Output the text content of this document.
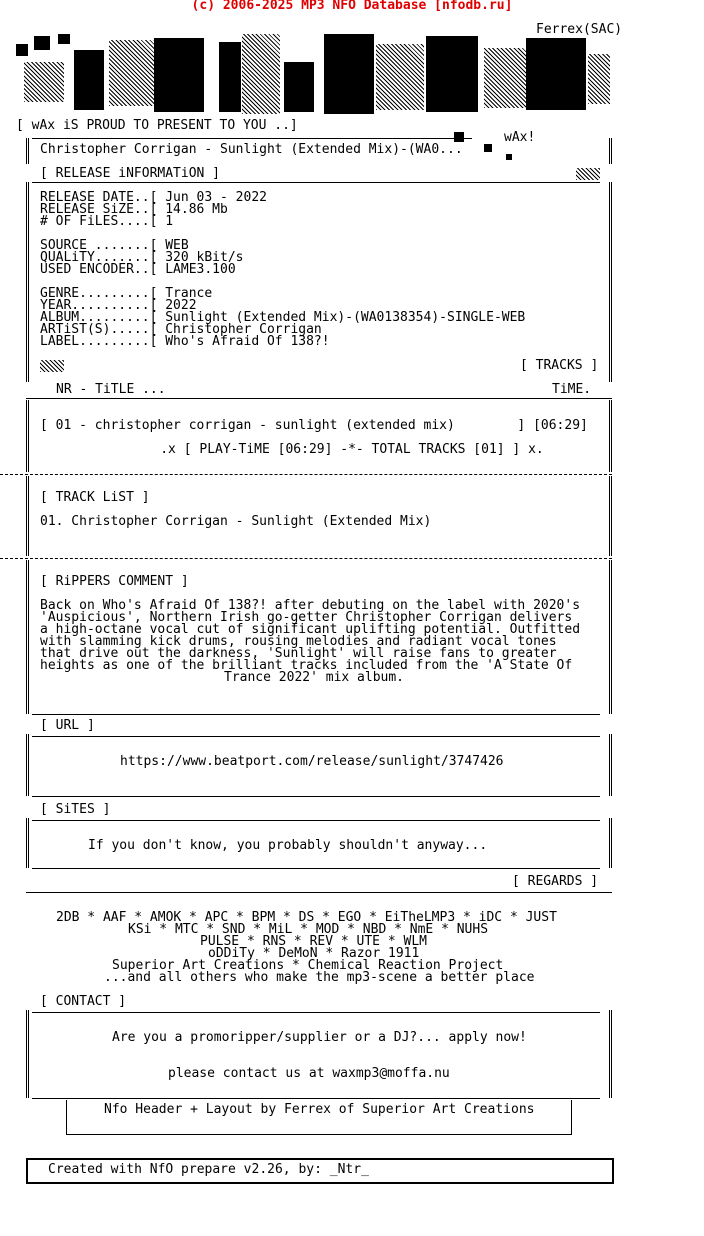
(c) 2006-2025 MP3 NFO Database [nfodb.ru]
Ferrex(SAC)
[ wAx iS PROUD TO PRESENT TO YOU ..]
wAx!
Christopher Corrigan - Sunlight (Extended Mix)-(WA0...
[ RELEASE iNFORMATiON ]
RELEASE DATE..[ Jun 03 - 2022
RELEASE SiZE..[ 14.86 Mb
# OF FiLES....[ 1
SOURCE .......[ WEB
QUALiTY.......[ 320 kBit/s
USED ENCODER..[ LAME3.100
GENRE.........[ Trance
YEAR..........[ 2022
ALBUM.........[ Sunlight (Extended Mix)-(WA0138354)-SINGLE-WEB
ARTiST(S).....[ Christopher Corrigan
LABEL.........[ Who's Afraid Of 138?!
[ TRACKS ]
NR - TiTLE ...	TiME.
[ 01 - christopher corrigan - sunlight (extended mix)        ] [06:29]
.x [ PLAY-TiME [06:29] -*- TOTAL TRACKS [01] ] x.
[ TRACK LiST ]
01. Christopher Corrigan - Sunlight (Extended Mix)
[ RiPPERS COMMENT ]
Back on Who's Afraid Of 138?! after debuting on the label with 2020's
'Auspicious', Northern Irish go-getter Christopher Corrigan delivers
a high-octane vocal cut of significant uplifting potential. Outfitted
with slamming kick drums, rousing melodies and radiant vocal tones
that drive out the darkness, 'Sunlight' will raise fans to greater
heights as one of the brilliant tracks included from the 'A State Of
Trance 2022' mix album.
[ URL ]
https://www.beatport.com/release/sunlight/3747426
[ SiTES ]
If you don't know, you probably shouldn't anyway...
[ REGARDS ]
2DB * AAF * AMOK * APC * BPM * DS * EGO * EiTheLMP3 * iDC * JUST
KSi * MTC * SND * MiL * MOD * NBD * NmE * NUHS
PULSE * RNS * REV * UTE * WLM
oDDiTy * DeMoN * Razor 1911
Superior Art Creations * Chemical Reaction Project
...and all others who make the mp3-scene a better place
[ CONTACT ]
Are you a promoripper/supplier or a DJ?... apply now!
please contact us at waxmp3@moffa.nu
Nfo Header + Layout by Ferrex of Superior Art Creations
Created with NfO prepare v2.26, by: _Ntr_
